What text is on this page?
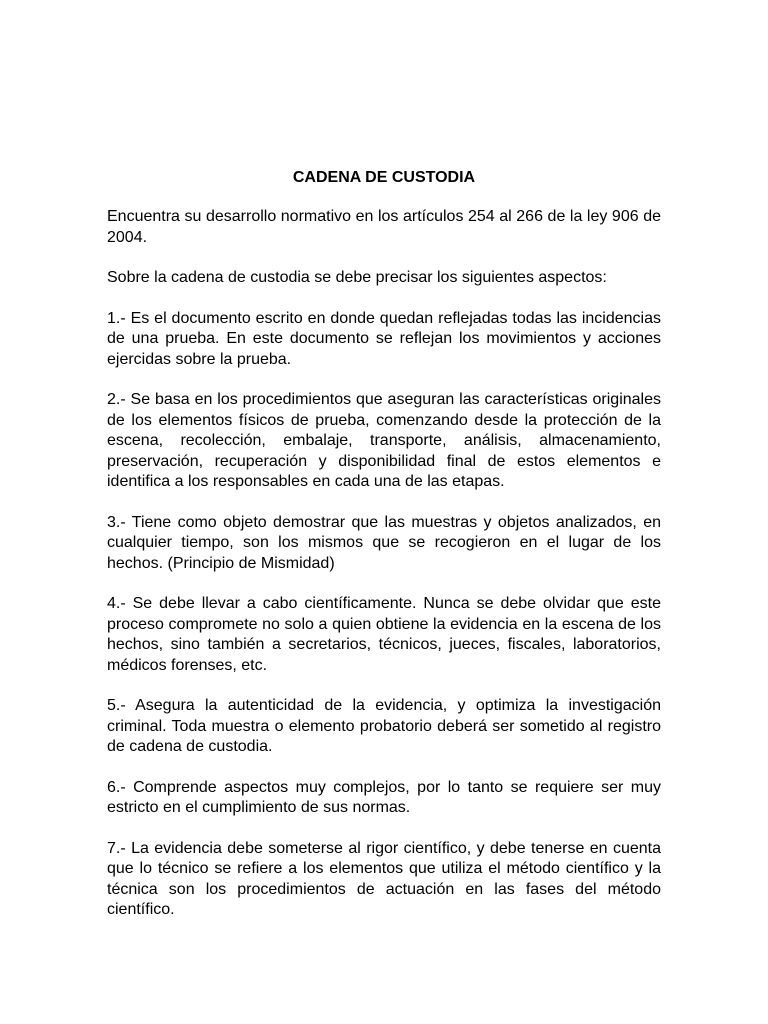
CADENA DE CUSTODIA

Encuentra su desarrollo normativo en los artículos 254 al 266 de la ley 906 de 2004.

Sobre la cadena de custodia se debe precisar los siguientes aspectos:

1.- Es el documento escrito en donde quedan reflejadas todas las incidencias de una prueba. En este documento se reflejan los movimientos y acciones ejercidas sobre la prueba.

2.- Se basa en los procedimientos que aseguran las características originales de los elementos físicos de prueba, comenzando desde la protección de la escena, recolección, embalaje, transporte, análisis, almacenamiento, preservación, recuperación y disponibilidad final de estos elementos e identifica a los responsables en cada una de las etapas.

3.- Tiene como objeto demostrar que las muestras y objetos analizados, en cualquier tiempo, son los mismos que se recogieron en el lugar de los hechos. (Principio de Mismidad)

4.- Se debe llevar a cabo científicamente. Nunca se debe olvidar que este proceso compromete no solo a quien obtiene la evidencia en la escena de los hechos, sino también a secretarios, técnicos, jueces, fiscales, laboratorios, médicos forenses, etc.

5.- Asegura la autenticidad de la evidencia, y optimiza la investigación criminal. Toda muestra o elemento probatorio deberá ser sometido al registro de cadena de custodia.

6.- Comprende aspectos muy complejos, por lo tanto se requiere ser muy estricto en el cumplimiento de sus normas.

7.- La evidencia debe someterse al rigor científico, y debe tenerse en cuenta que lo técnico se refiere a los elementos que utiliza el método científico y la técnica son los procedimientos de actuación en las fases del método científico.
